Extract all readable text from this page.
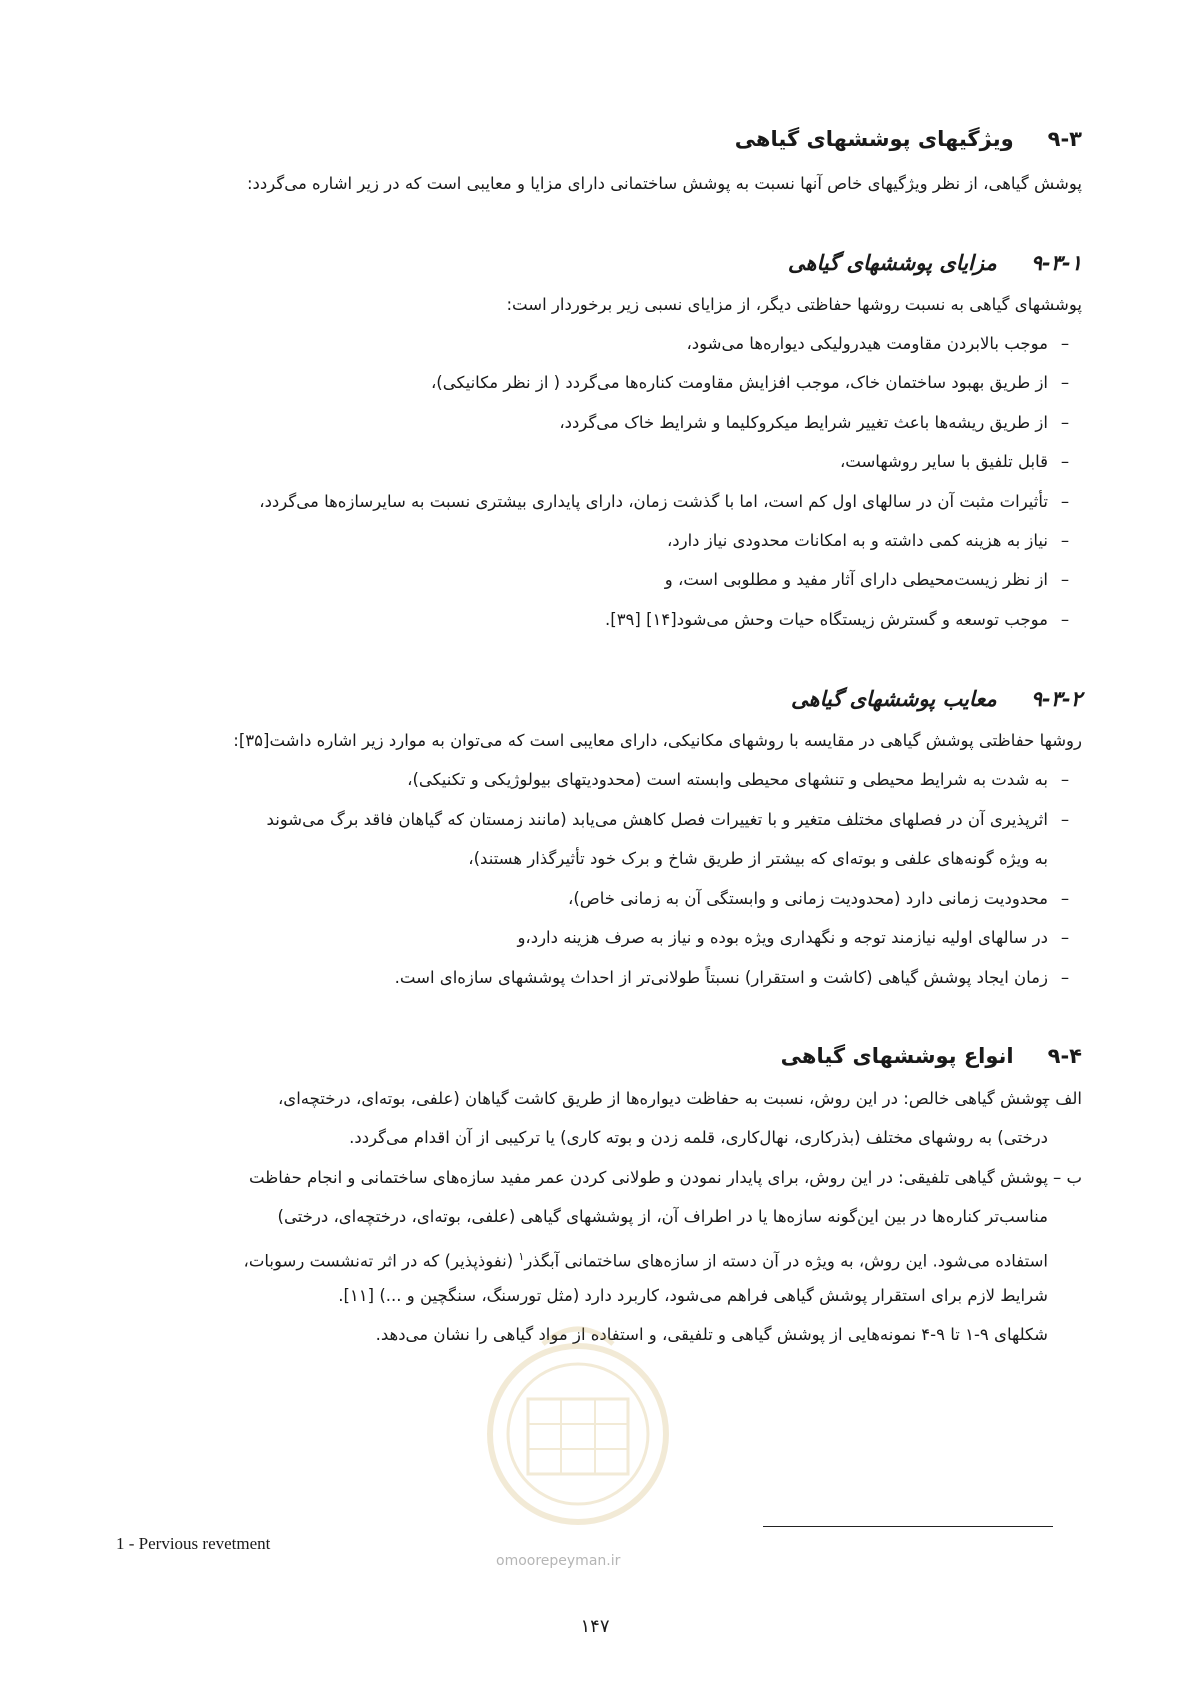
۹-۳ویژگیهای پوششهای گیاهی
پوشش گیاهی، از نظر ویژگیهای خاص آنها نسبت به پوشش ساختمانی دارای مزایا و معایبی است که در زیر اشاره می‌گردد:
۹-۳-۱مزایای پوششهای گیاهی
پوششهای گیاهی به نسبت روشها حفاظتی دیگر، از مزایای نسبی زیر برخوردار است:
–موجب بالابردن مقاومت هیدرولیکی دیواره‌ها می‌شود،
–از طریق بهبود ساختمان خاک، موجب افزایش مقاومت کناره‌ها می‌گردد ( از نظر مکانیکی)،
–از طریق ریشه‌ها باعث تغییر شرایط میکروکلیما و شرایط خاک می‌گردد،
–قابل تلفیق با سایر روشهاست،
–تأثیرات مثبت آن در سالهای اول کم است، اما با گذشت زمان، دارای پایداری بیشتری نسبت به سایرسازه‌ها می‌گردد،
–نیاز به هزینه کمی داشته و به امکانات محدودی نیاز دارد،
–از نظر زیست‌محیطی دارای آثار مفید و مطلوبی است، و
–موجب توسعه و گسترش زیستگاه حیات وحش می‌شود[۱۴] [۳۹].
۹-۳-۲معایب پوششهای گیاهی
روشها حفاظتی پوشش گیاهی در مقایسه با روشهای مکانیکی، دارای معایبی است که می‌توان به موارد زیر اشاره داشت[۳۵]:
–به شدت به شرایط محیطی و تنشهای محیطی وابسته است (محدودیتهای بیولوژیکی و تکنیکی)،
–اثرپذیری آن در فصلهای مختلف متغیر و با تغییرات فصل کاهش می‌یابد (مانند زمستان که گیاهان فاقد برگ می‌شوند
به ویژه گونه‌های علفی و بوته‌ای که بیشتر از طریق شاخ و برک خود تأثیرگذار هستند)،
–محدودیت زمانی دارد (محدودیت زمانی و وابستگی آن به زمانی خاص)،
–در سالهای اولیه نیازمند توجه و نگهداری ویژه بوده و نیاز به صرف هزینه دارد،و
–زمان ایجاد پوشش گیاهی (کاشت و استقرار) نسبتاً طولانی‌تر از احداث پوششهای سازه‌ای است.
۹-۴انواع پوششهای گیاهی
الف –
پوشش گیاهی خالص: در این روش، نسبت به حفاظت دیواره‌ها از طریق کاشت گیاهان (علفی، بوته‌ای، درختچه‌ای،
درختی) به روشهای مختلف (بذرکاری، نهال‌کاری، قلمه زدن و بوته کاری) یا ترکیبی از آن اقدام می‌گردد.
ب –
پوشش گیاهی تلفیقی: در این روش، برای پایدار نمودن و طولانی کردن عمر مفید سازه‌های ساختمانی و انجام حفاظت
مناسب‌تر کناره‌ها در بین این‌گونه سازه‌ها یا در اطراف آن، از پوششهای گیاهی (علفی، بوته‌ای، درختچه‌ای، درختی)
استفاده می‌شود. این روش، به ویژه در آن دسته از سازه‌های ساختمانی آبگذر$^۱$ (نفوذپذیر) که در اثر ته‌نشست رسوبات،
شرایط لازم برای استقرار پوشش گیاهی فراهم می‌شود، کاربرد دارد (مثل تورسنگ، سنگچین و ...) [۱۱].
شکلهای ۹-۱ تا ۹-۴ نمونه‌هایی از پوشش گیاهی و تلفیقی، و استفاده از مواد گیاهی را نشان می‌دهد.
omoorepeyman.ir
1 - Pervious revetment
۱۴۷
